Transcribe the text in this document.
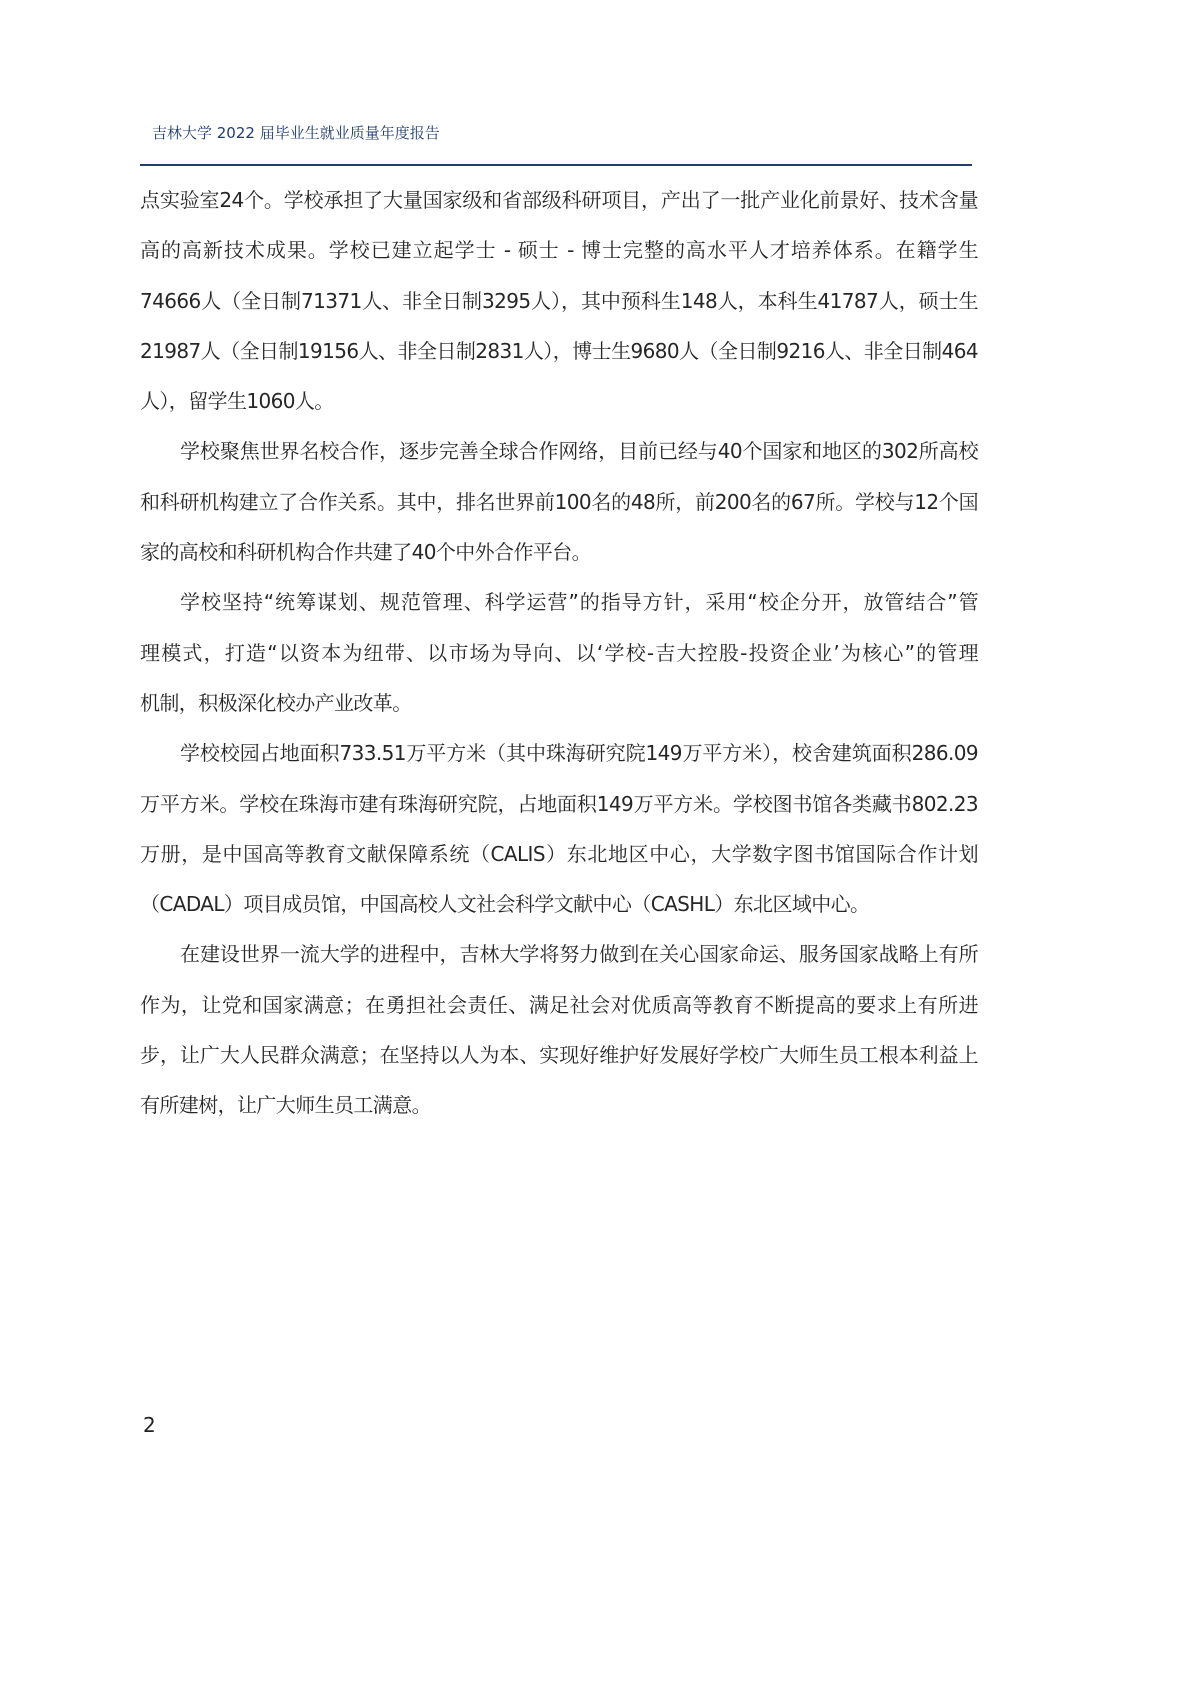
吉林大学 2022 届毕业生就业质量年度报告
点实验室24个。学校承担了大量国家级和省部级科研项目，产出了一批产业化前景好、技术含量
高的高新技术成果。学校已建立起学士 - 硕士 - 博士完整的高水平人才培养体系。在籍学生
74666人（全日制71371人、非全日制3295人），其中预科生148人，本科生41787人，硕士生
21987人（全日制19156人、非全日制2831人），博士生9680人（全日制9216人、非全日制464
人），留学生1060人。
学校聚焦世界名校合作，逐步完善全球合作网络，目前已经与40个国家和地区的302所高校
和科研机构建立了合作关系。其中，排名世界前100名的48所，前200名的67所。学校与12个国
家的高校和科研机构合作共建了40个中外合作平台。
学校坚持“统筹谋划、规范管理、科学运营”的指导方针，采用“校企分开，放管结合”管
理模式，打造“以资本为纽带、以市场为导向、以‘学校-吉大控股-投资企业’为核心”的管理
机制，积极深化校办产业改革。
学校校园占地面积733.51万平方米（其中珠海研究院149万平方米），校舍建筑面积286.09
万平方米。学校在珠海市建有珠海研究院，占地面积149万平方米。学校图书馆各类藏书802.23
万册，是中国高等教育文献保障系统（CALIS）东北地区中心，大学数字图书馆国际合作计划
（CADAL）项目成员馆，中国高校人文社会科学文献中心（CASHL）东北区域中心。
在建设世界一流大学的进程中，吉林大学将努力做到在关心国家命运、服务国家战略上有所
作为，让党和国家满意；在勇担社会责任、满足社会对优质高等教育不断提高的要求上有所进
步，让广大人民群众满意；在坚持以人为本、实现好维护好发展好学校广大师生员工根本利益上
有所建树，让广大师生员工满意。
2
